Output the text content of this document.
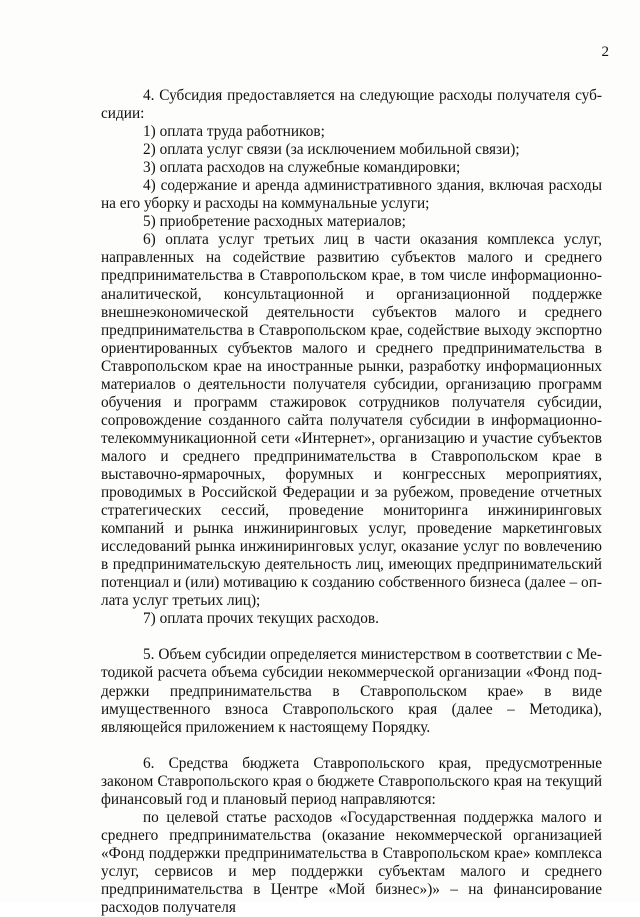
2

4. Субсидия предоставляется на следующие расходы получателя субсидии:

1) оплата труда работников;

2) оплата услуг связи (за исключением мобильной связи);

3) оплата расходов на служебные командировки;

4) содержание и аренда административного здания, включая расходы на его уборку и расходы на коммунальные услуги;

5) приобретение расходных материалов;

6) оплата услуг третьих лиц в части оказания комплекса услуг, направленных на содействие развитию субъектов малого и среднего предпринимательства в Ставропольском крае, в том числе информационно-аналитической, консультационной и организационной поддержке внешнеэкономической деятельности субъектов малого и среднего предпринимательства в Ставропольском крае, содействие выходу экспортно ориентированных субъектов малого и среднего предпринимательства в Ставропольском крае на иностранные рынки, разработку информационных материалов о деятельности получателя субсидии, организацию программ обучения и программ стажировок сотрудников получателя субсидии, сопровождение созданного сайта получателя субсидии в информационно-телекоммуникационной сети «Интернет», организацию и участие субъектов малого и среднего предпринимательства в Ставропольском крае в выставочно-ярмарочных, форумных и конгрессных мероприятиях, проводимых в Российской Федерации и за рубежом, проведение отчетных стратегических сессий, проведение мониторинга инжиниринговых компаний и рынка инжиниринговых услуг, проведение маркетинговых исследований рынка инжиниринговых услуг, оказание услуг по вовлечению в предпринимательскую деятельность лиц, имеющих предпринимательский потенциал и (или) мотивацию к созданию собственного бизнеса (далее – оплата услуг третьих лиц);

7) оплата прочих текущих расходов.

5. Объем субсидии определяется министерством в соответствии с Методикой расчета объема субсидии некоммерческой организации «Фонд поддержки предпринимательства в Ставропольском крае» в виде имущественного взноса Ставропольского края (далее – Методика), являющейся приложением к настоящему Порядку.

6. Средства бюджета Ставропольского края, предусмотренные законом Ставропольского края о бюджете Ставропольского края на текущий финансовый год и плановый период направляются:

по целевой статье расходов «Государственная поддержка малого и среднего предпринимательства (оказание некоммерческой организацией «Фонд поддержки предпринимательства в Ставропольском крае» комплекса услуг, сервисов и мер поддержки субъектам малого и среднего предпринимательства в Центре «Мой бизнес»)» – на финансирование расходов получателя
